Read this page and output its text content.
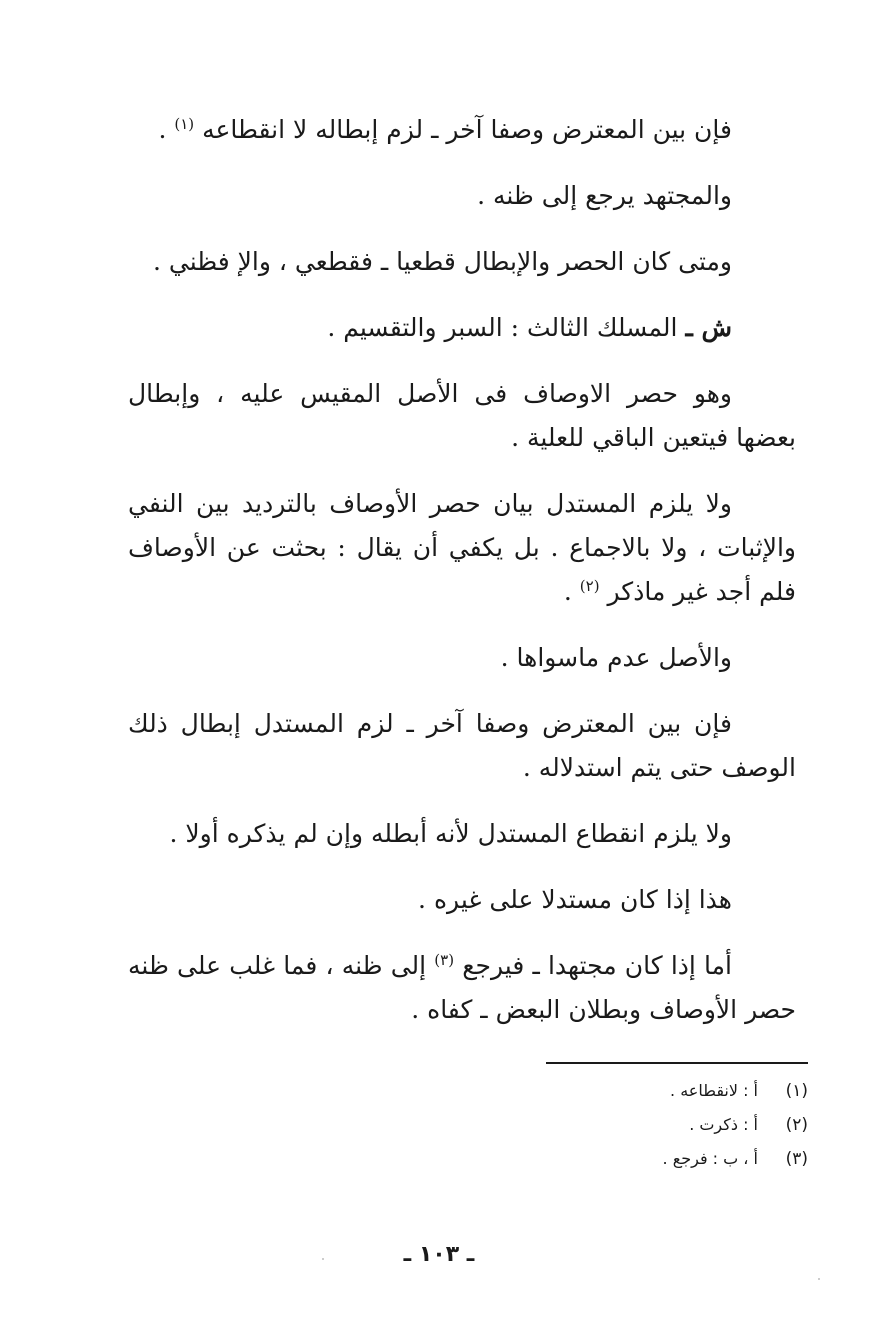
فإن بين المعترض وصفا آخر ـ لزم إبطاله لا انقطاعه $^{(١)}$ .

والمجتهد يرجع إلى ظنه .

ومتى كان الحصر والإبطال قطعيا ـ فقطعي ، والإ فظني .

ش ـ المسلك الثالث : السبر والتقسيم .

وهو حصر الاوصاف فى الأصل المقيس عليه ، وإبطال بعضها فيتعين الباقي للعلية .

ولا يلزم المستدل بيان حصر الأوصاف بالترديد بين النفي والإثبات ، ولا بالاجماع . بل يكفي أن يقال : بحثت عن الأوصاف فلم أجد غير ماذكر $^{(٢)}$ .

والأصل عدم ماسواها .

فإن بين المعترض وصفا آخر ـ لزم المستدل إبطال ذلك الوصف حتى يتم استدلاله .

ولا يلزم انقطاع المستدل لأنه أبطله وإن لم يذكره أولا .

هذا إذا كان مستدلا على غيره .

أما إذا كان مجتهدا ـ فيرجع $^{(٣)}$ إلى ظنه ، فما غلب على ظنه حصر الأوصاف وبطلان البعض ـ كفاه .

(١)
أ : لانقطاعه .
(٢)
أ : ذكرت .
(٣)
أ ، ب : فرجع .
ـ ١٠٣ ـ
